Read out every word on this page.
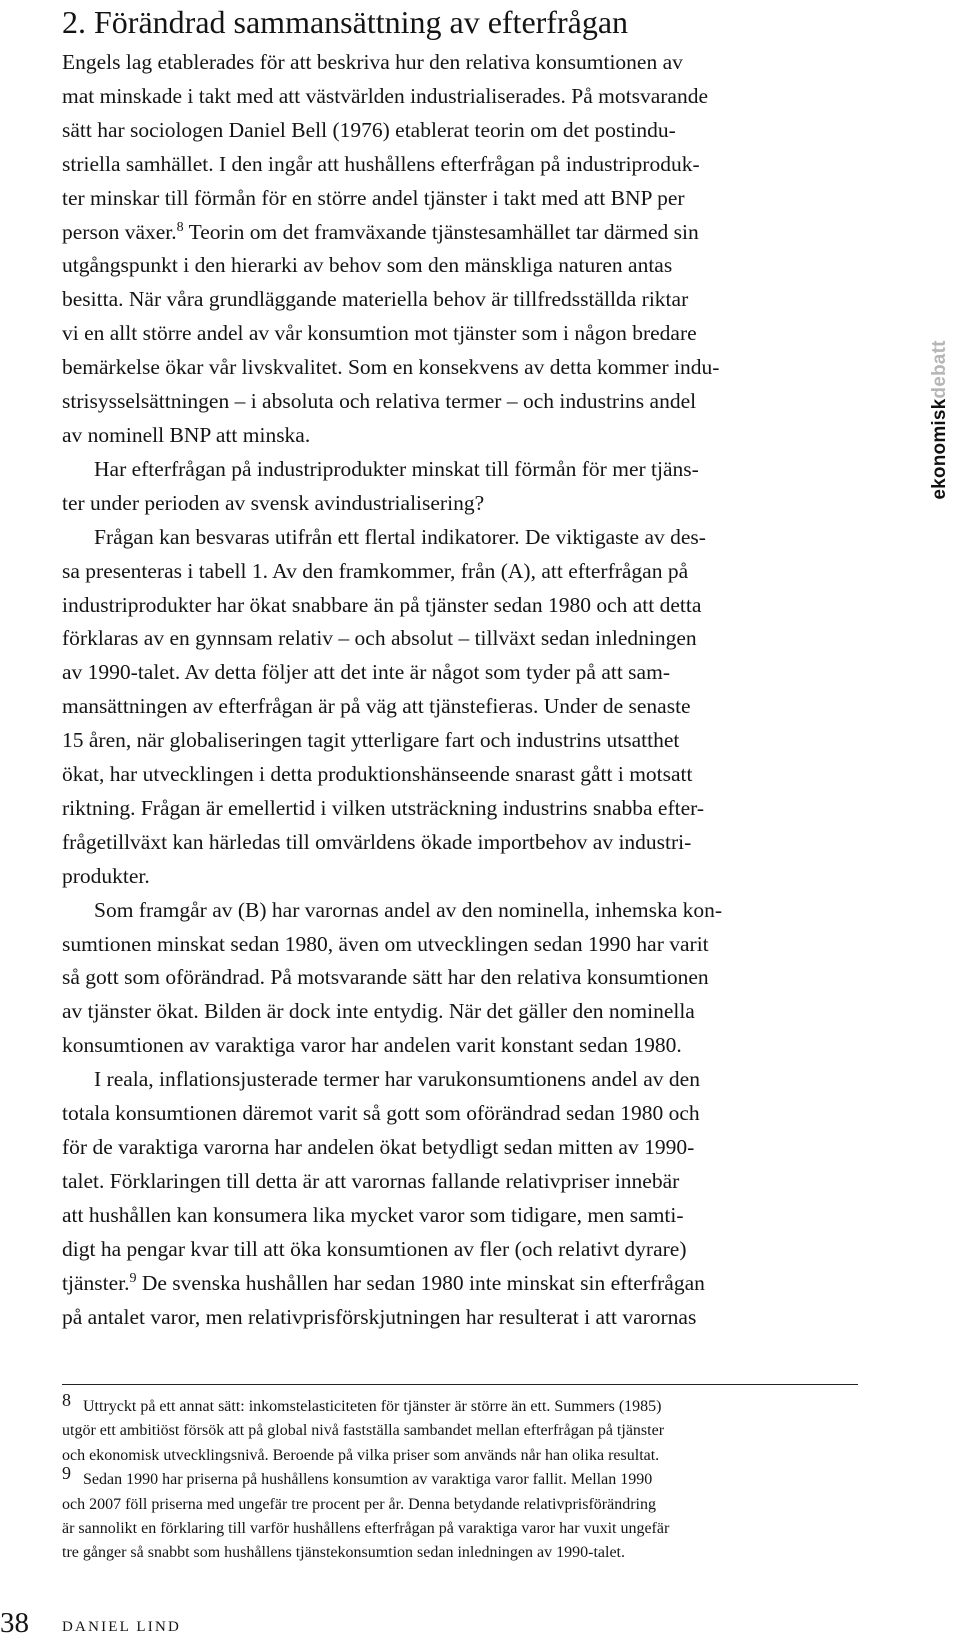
2. Förändrad sammansättning av efterfrågan
Engels lag etablerades för att beskriva hur den relativa konsumtionen av
mat minskade i takt med att västvärlden industrialiserades. På motsvarande
sätt har sociologen Daniel Bell (1976) etablerat teorin om det postindu-
striella samhället. I den ingår att hushållens efterfrågan på industriproduk-
ter minskar till förmån för en större andel tjänster i takt med att BNP per
person växer.$^8$ Teorin om det framväxande tjänstesamhället tar därmed sin
utgångspunkt i den hierarki av behov som den mänskliga naturen antas
besitta. När våra grundläggande materiella behov är tillfredsställda riktar
vi en allt större andel av vår konsumtion mot tjänster som i någon bredare
bemärkelse ökar vår livskvalitet. Som en konsekvens av detta kommer indu-
strisysselsättningen – i absoluta och relativa termer – och industrins andel
av nominell BNP att minska.
Har efterfrågan på industriprodukter minskat till förmån för mer tjäns-
ter under perioden av svensk avindustrialisering?
Frågan kan besvaras utifrån ett flertal indikatorer. De viktigaste av des-
sa presenteras i tabell 1. Av den framkommer, från (A), att efterfrågan på
industriprodukter har ökat snabbare än på tjänster sedan 1980 och att detta
förklaras av en gynnsam relativ – och absolut – tillväxt sedan inledningen
av 1990-talet. Av detta följer att det inte är något som tyder på att sam-
mansättningen av efterfrågan är på väg att tjänstefieras. Under de senaste
15 åren, när globaliseringen tagit ytterligare fart och industrins utsatthet
ökat, har utvecklingen i detta produktionshänseende snarast gått i motsatt
riktning. Frågan är emellertid i vilken utsträckning industrins snabba efter-
frågetillväxt kan härledas till omvärldens ökade importbehov av industri-
produkter.
Som framgår av (B) har varornas andel av den nominella, inhemska kon-
sumtionen minskat sedan 1980, även om utvecklingen sedan 1990 har varit
så gott som oförändrad. På motsvarande sätt har den relativa konsumtionen
av tjänster ökat. Bilden är dock inte entydig. När det gäller den nominella
konsumtionen av varaktiga varor har andelen varit konstant sedan 1980.
I reala, inflationsjusterade termer har varukonsumtionens andel av den
totala konsumtionen däremot varit så gott som oförändrad sedan 1980 och
för de varaktiga varorna har andelen ökat betydligt sedan mitten av 1990-
talet. Förklaringen till detta är att varornas fallande relativpriser innebär
att hushållen kan konsumera lika mycket varor som tidigare, men samti-
digt ha pengar kvar till att öka konsumtionen av fler (och relativt dyrare)
tjänster.$^9$ De svenska hushållen har sedan 1980 inte minskat sin efterfrågan
på antalet varor, men relativprisförskjutningen har resulterat i att varornas
8 Uttryckt på ett annat sätt: inkomstelasticiteten för tjänster är större än ett. Summers (1985)
utgör ett ambitiöst försök att på global nivå fastställa sambandet mellan efterfrågan på tjänster
och ekonomisk utvecklingsnivå. Beroende på vilka priser som används når han olika resultat.
9 Sedan 1990 har priserna på hushållens konsumtion av varaktiga varor fallit. Mellan 1990
och 2007 föll priserna med ungefär tre procent per år. Denna betydande relativprisförändring
är sannolikt en förklaring till varför hushållens efterfrågan på varaktiga varor har vuxit ungefär
tre gånger så snabbt som hushållens tjänstekonsumtion sedan inledningen av 1990-talet.
ekonomiskdebatt
38 DANIEL LIND
